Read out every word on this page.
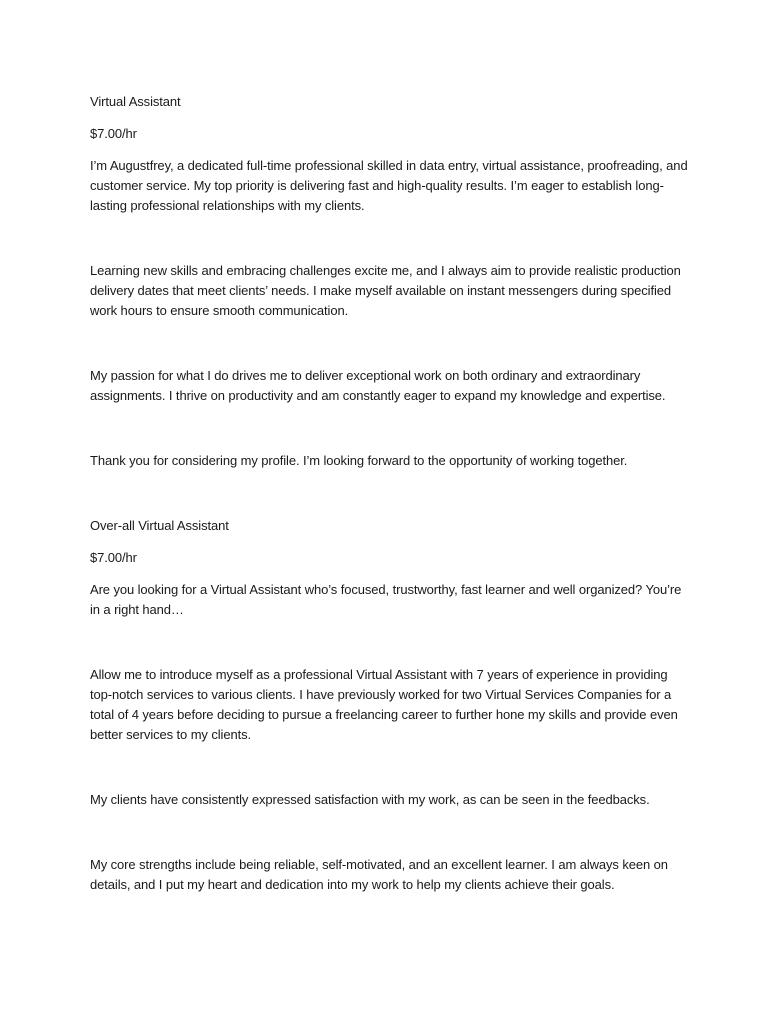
Virtual Assistant

$7.00/hr

I’m Augustfrey, a dedicated full-time professional skilled in data entry, virtual assistance, proofreading, and customer service. My top priority is delivering fast and high-quality results. I’m eager to establish long-lasting professional relationships with my clients.

Learning new skills and embracing challenges excite me, and I always aim to provide realistic production delivery dates that meet clients’ needs. I make myself available on instant messengers during specified work hours to ensure smooth communication.

My passion for what I do drives me to deliver exceptional work on both ordinary and extraordinary assignments. I thrive on productivity and am constantly eager to expand my knowledge and expertise.

Thank you for considering my profile. I’m looking forward to the opportunity of working together.

Over-all Virtual Assistant

$7.00/hr

Are you looking for a Virtual Assistant who’s focused, trustworthy, fast learner and well organized? You’re in a right hand…

Allow me to introduce myself as a professional Virtual Assistant with 7 years of experience in providing top-notch services to various clients. I have previously worked for two Virtual Services Companies for a total of 4 years before deciding to pursue a freelancing career to further hone my skills and provide even better services to my clients.

My clients have consistently expressed satisfaction with my work, as can be seen in the feedbacks.

My core strengths include being reliable, self-motivated, and an excellent learner. I am always keen on details, and I put my heart and dedication into my work to help my clients achieve their goals.
